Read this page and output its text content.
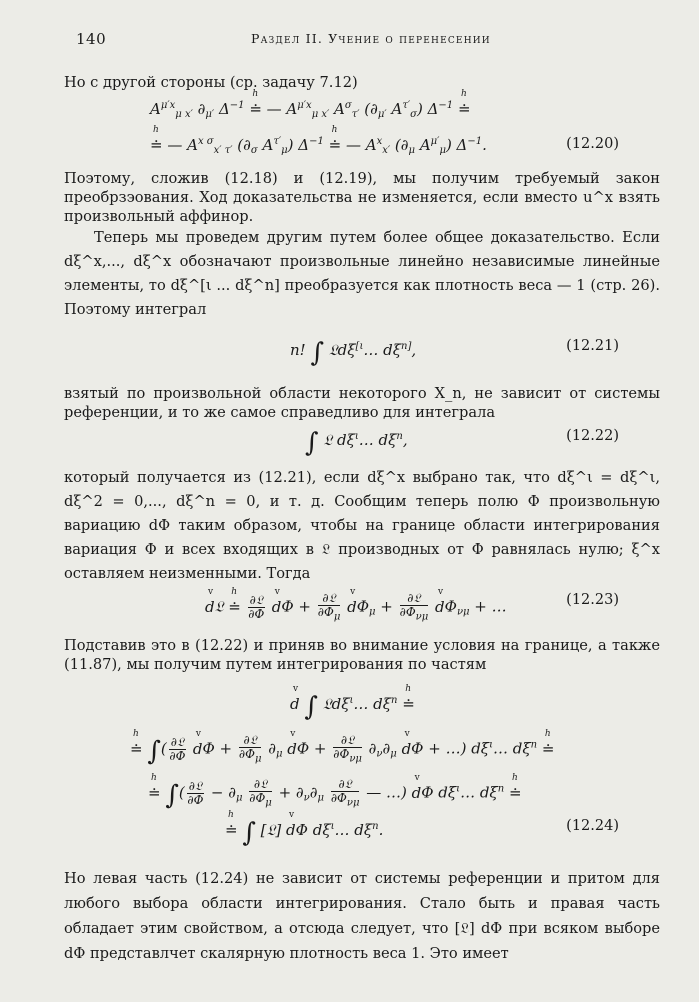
140	Раздел II. Учение о перенесении
Но с другой стороны (ср. задачу 7.12)
$A^{\mu'x}_{\mu x'}$ $\partial_{\mu'}$ $\Delta^{-1}$ h ≐ — $A^{\mu'x}_{\mu x'}$ $A^\sigma_{\tau'}$ ($\partial_{\mu'}$ $A^{\tau'}_\sigma$) $\Delta^{-1}$ h ≐
h ≐ — $A^{x \sigma}_{x' \tau'}$ ($\partial_\sigma$ $A^{\tau'}_\mu$) $\Delta^{-1}$ h ≐ — $A^x_{x'}$ ($\partial_\mu$ $A^{\mu'}_\mu$) $\Delta^{-1}$.	(12.20)
Поэтому, сложив (12.18) и (12.19), мы получим требуемый закон преобрзэования. Ход доказательства не изменяется, если вместо u^x взять произвольный аффинор.
Теперь мы проведем другим путем более общее доказательство. Если dξ^x,..., dξ^x обозначают произвольные линейно независимые линейные элементы, то dξ^[ι ... dξ^n] преобразуется как плотность веса — 1 (стр. 26). Поэтому интеграл
n! ∫ 𝔏dξ$^{[\iota}$… $d\xi^{n]}$,	(12.21)
взятый по произвольной области некоторого X_n, не зависит от системы референции, и то же самое справедливо для интеграла
∫ 𝔏 $d\xi^\iota\dots$ $d\xi^n$,	(12.22)
который получается из (12.21), если dξ^x выбрано так, что dξ^ι = dξ^ι, dξ^2 = 0,..., dξ^n = 0, и т. д. Сообщим теперь полю Φ произвольную вариацию dΦ таким образом, чтобы на границе области интегрирования вариация Φ и всех входящих в 𝔏 производных от Φ равнялась нулю; ξ^x оставляем неизменными. Тогда
v d𝔏 h ≐ $\frac{\text{∂𝔏}}{\partial\Phi}$ v $d\Phi + \frac{\text{∂𝔏}}{\partial\Phi_\mu}$ v $d\Phi_\mu + \frac{\text{∂𝔏}}{\partial\Phi_{\nu\mu}}$ v $d\Phi_{\nu\mu}$ + …	(12.23)
Подставив это в (12.22) и приняв во внимание условия на границе, а также (11.87), мы получим путем интегрирования по частям
v d ∫ 𝔏dξ$^\iota$… $d\xi^n$ h ≐
h ≐ ∫( $\frac{\text{∂𝔏}}{\partial\Phi}$ v $d\Phi + \frac{\text{∂𝔏}}{\partial\Phi_\mu} \partial_\mu$ v $d\Phi + \frac{\text{∂𝔏}}{\partial\Phi_{\nu\mu}} \partial_\nu\partial_\mu$ v dΦ + …) $d\xi^\iota\dots$ $d\xi^n$ h ≐
h ≐ ∫( $\frac{\text{∂𝔏}}{\partial\Phi} - \partial_\mu \frac{\text{∂𝔏}}{\partial\Phi_\mu} + \partial_\nu\partial_\mu \frac{\text{∂𝔏}}{\partial\Phi_{\nu\mu}}$ — …) v dΦ $d\xi^\iota\dots$ $d\xi^n$ h ≐
h ≐ ∫ [𝔏] v dΦ $d\xi^\iota\dots$ $d\xi^n$.	(12.24)
Но левая часть (12.24) не зависит от системы референции и притом для любого выбора области интегрирования. Стало быть и правая часть обладает этим свойством, а отсюда следует, что [𝔏] dΦ при всяком выборе dΦ представлчет скалярную плотность веса 1. Это имеет
